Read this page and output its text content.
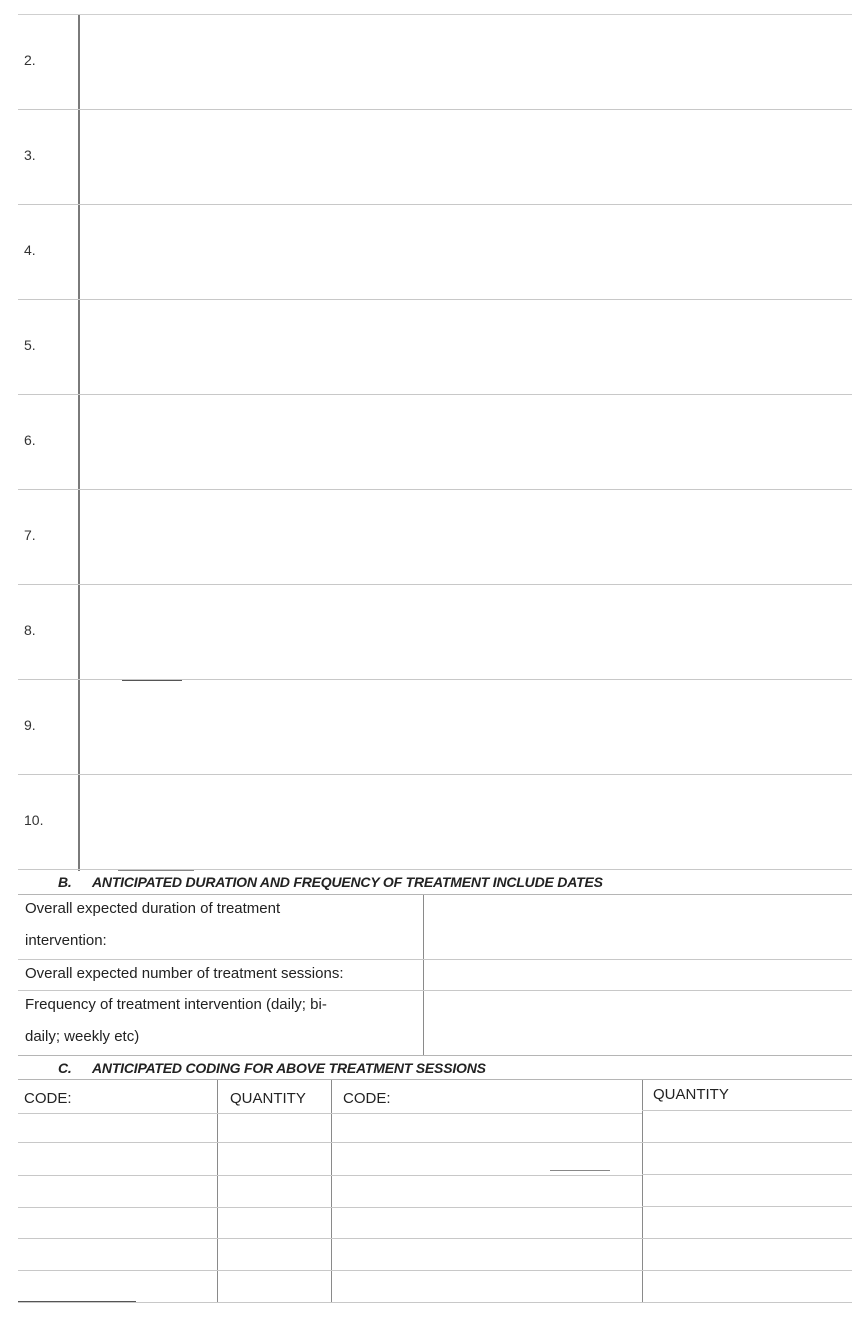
2.
3.
4.
5.
6.
7.
8.
9.
10.
B. ANTICIPATED DURATION AND FREQUENCY OF TREATMENT INCLUDE DATES
Overall expected duration of treatment
intervention:
Overall expected number of treatment sessions:
Frequency of treatment intervention (daily; bi-
daily; weekly etc)
C. ANTICIPATED CODING FOR ABOVE TREATMENT SESSIONS
CODE:	QUANTITY CODE:	QUANTITY
